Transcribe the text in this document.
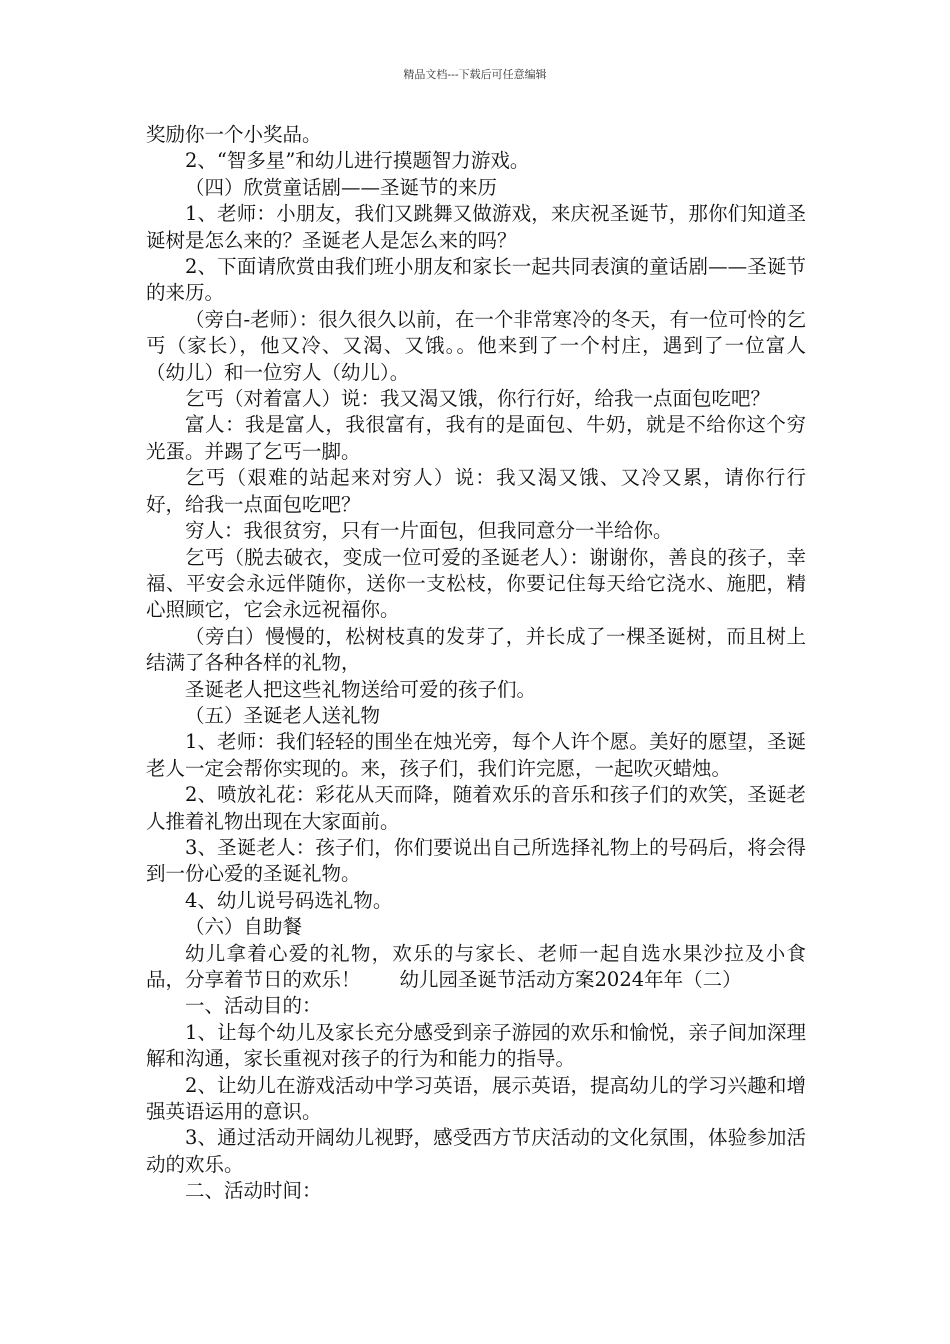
精品文档---下载后可任意编辑

奖励你一个小奖品。

2、“智多星”和幼儿进行摸题智力游戏。

（四）欣赏童话剧——圣诞节的来历

1、老师：小朋友，我们又跳舞又做游戏，来庆祝圣诞节，那你们知道圣诞树是怎么来的？圣诞老人是怎么来的吗？

2、下面请欣赏由我们班小朋友和家长一起共同表演的童话剧——圣诞节的来历。

（旁白-老师）：很久很久以前，在一个非常寒冷的冬天，有一位可怜的乞丐（家长），他又冷、又渴、又饿。。他来到了一个村庄，遇到了一位富人（幼儿）和一位穷人（幼儿）。

乞丐（对着富人）说：我又渴又饿，你行行好，给我一点面包吃吧？

富人：我是富人，我很富有，我有的是面包、牛奶，就是不给你这个穷光蛋。并踢了乞丐一脚。

乞丐（艰难的站起来对穷人）说：我又渴又饿、又冷又累，请你行行好，给我一点面包吃吧？

穷人：我很贫穷，只有一片面包，但我同意分一半给你。

乞丐（脱去破衣，变成一位可爱的圣诞老人）：谢谢你，善良的孩子，幸福、平安会永远伴随你，送你一支松枝，你要记住每天给它浇水、施肥，精心照顾它，它会永远祝福你。

（旁白）慢慢的，松树枝真的发芽了，并长成了一棵圣诞树，而且树上结满了各种各样的礼物，

圣诞老人把这些礼物送给可爱的孩子们。

（五）圣诞老人送礼物

1、老师：我们轻轻的围坐在烛光旁，每个人许个愿。美好的愿望，圣诞老人一定会帮你实现的。来，孩子们，我们许完愿，一起吹灭蜡烛。

2、喷放礼花：彩花从天而降，随着欢乐的音乐和孩子们的欢笑，圣诞老人推着礼物出现在大家面前。

3、圣诞老人：孩子们，你们要说出自己所选择礼物上的号码后，将会得到一份心爱的圣诞礼物。

4、幼儿说号码选礼物。

（六）自助餐

幼儿拿着心爱的礼物，欢乐的与家长、老师一起自选水果沙拉及小食品，分享着节日的欢乐！　　幼儿园圣诞节活动方案2024年年（二）

一、活动目的：

1、让每个幼儿及家长充分感受到亲子游园的欢乐和愉悦，亲子间加深理解和沟通，家长重视对孩子的行为和能力的指导。

2、让幼儿在游戏活动中学习英语，展示英语，提高幼儿的学习兴趣和增强英语运用的意识。

3、通过活动开阔幼儿视野，感受西方节庆活动的文化氛围，体验参加活动的欢乐。

二、活动时间：
